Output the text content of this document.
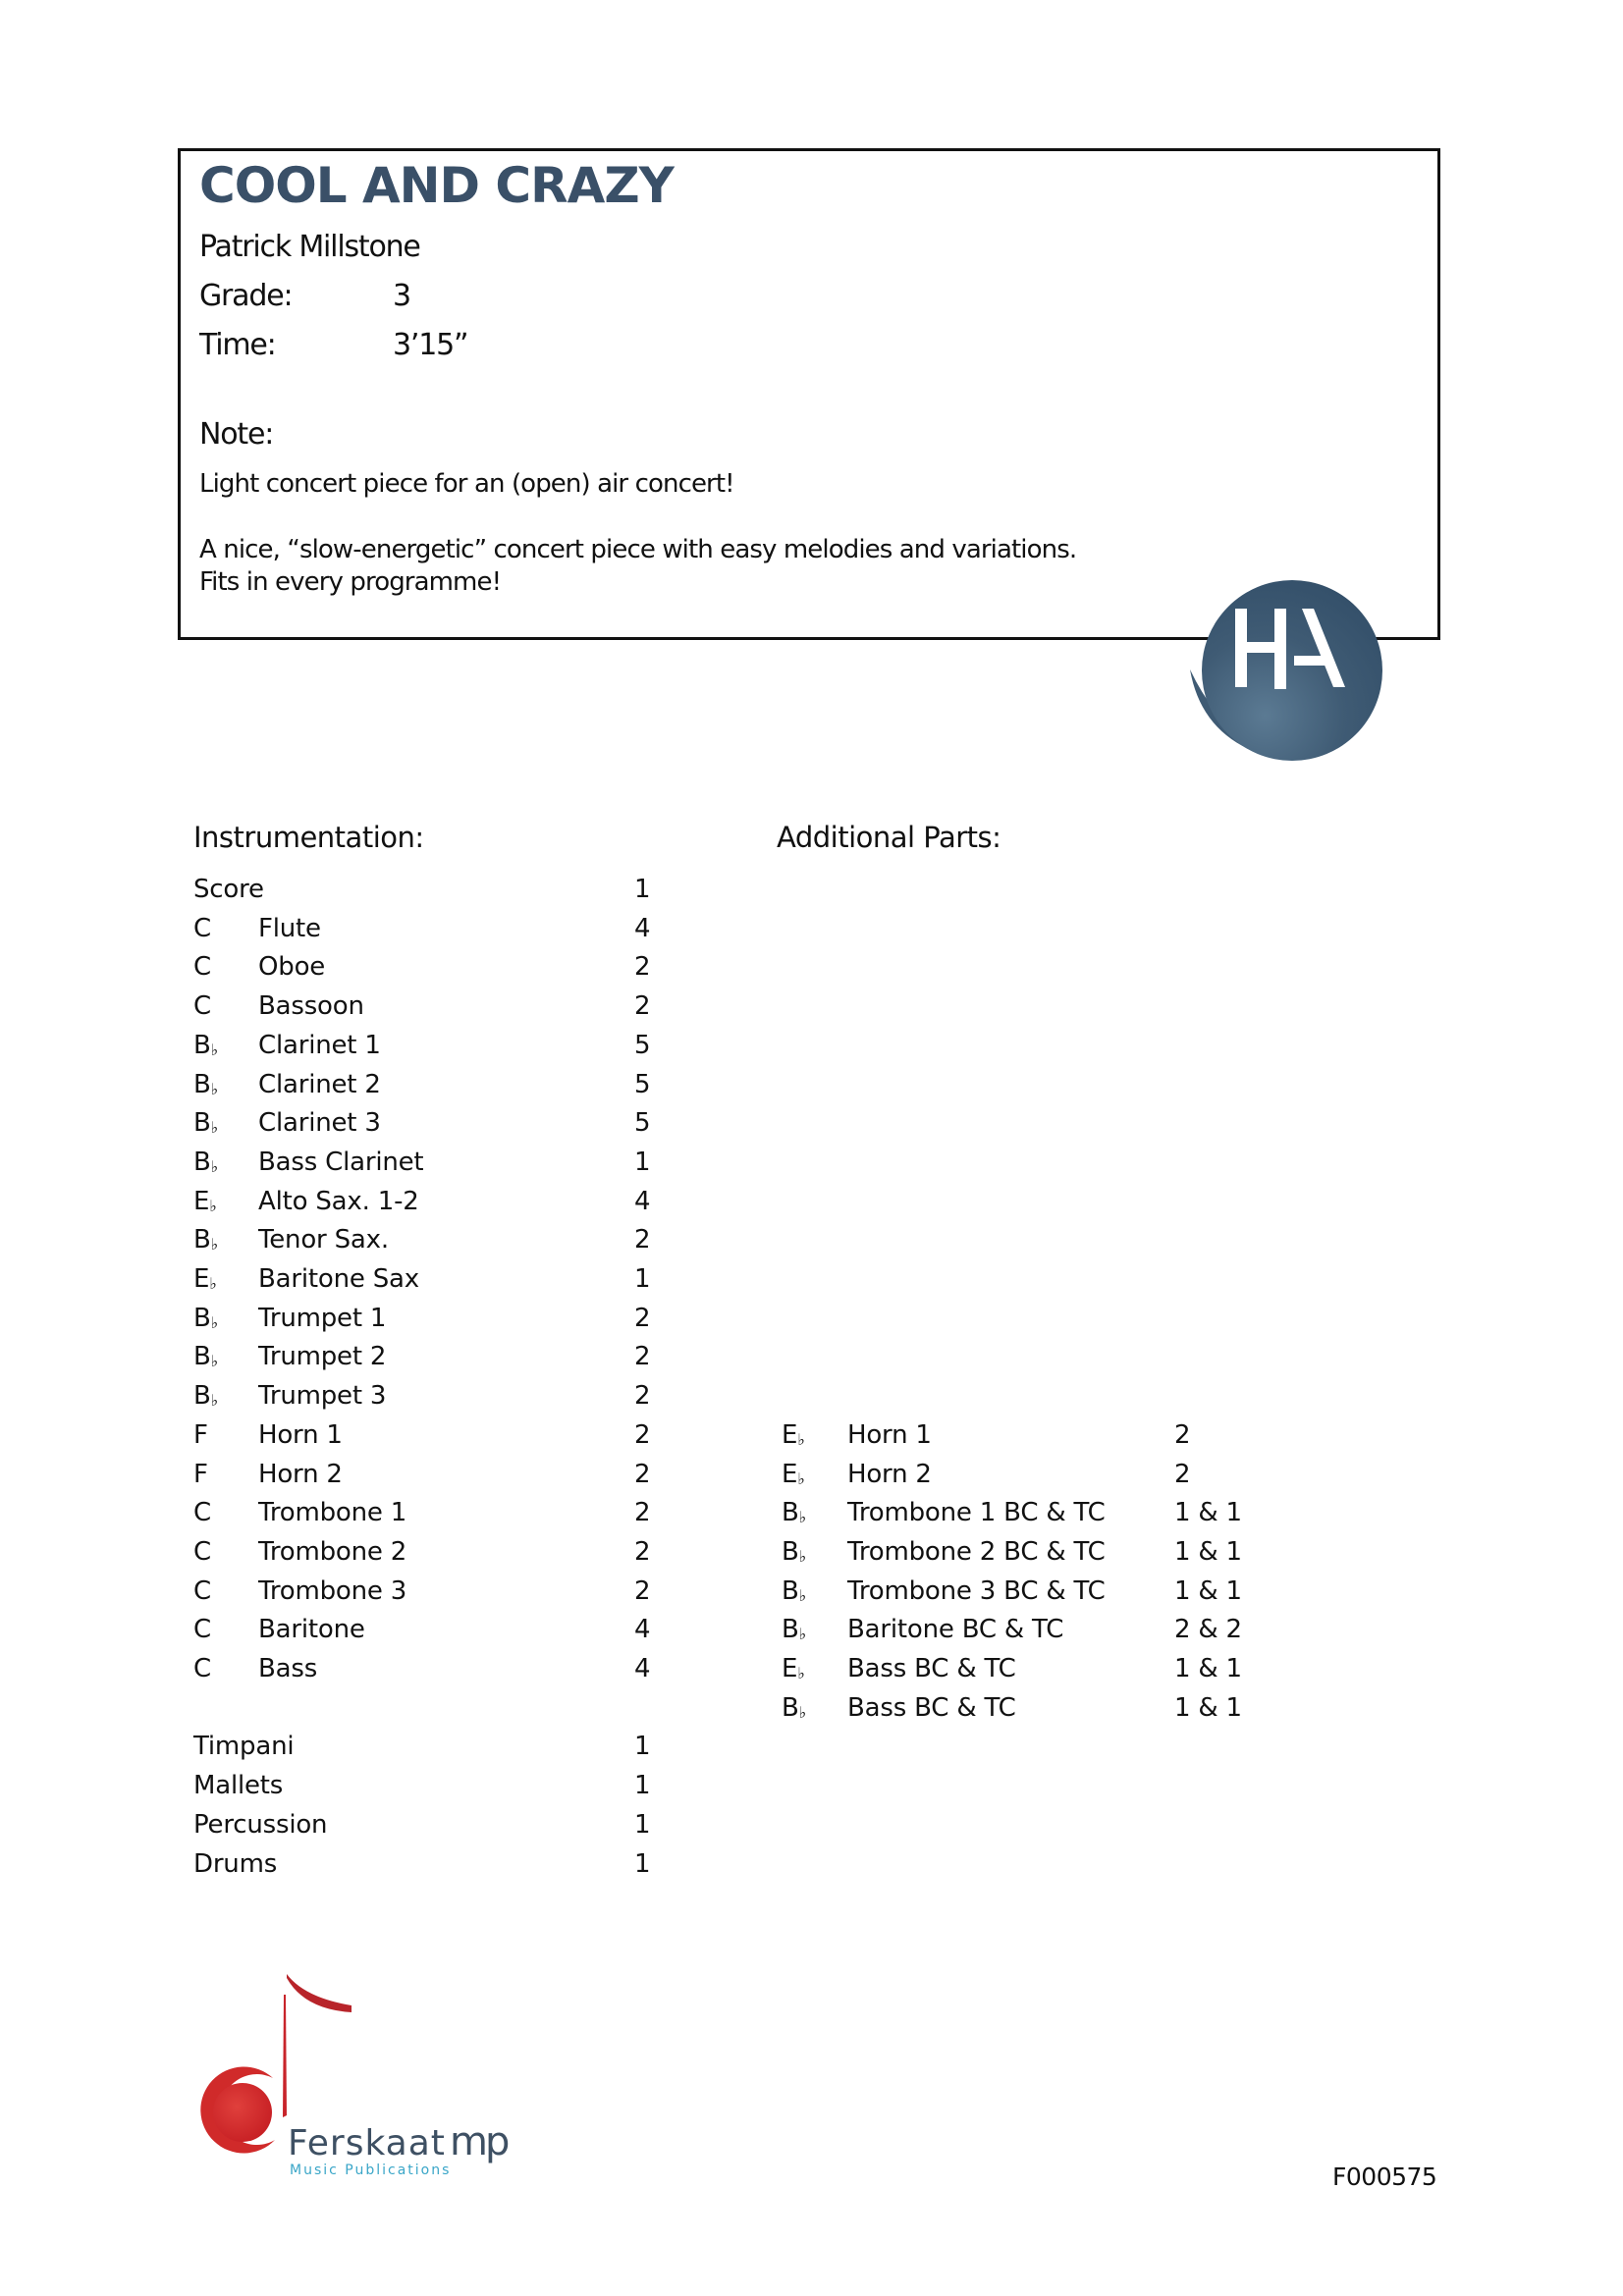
COOL AND CRAZY
Patrick Millstone
Grade:	3
Time:	3’15”
Note:
Light concert piece for an (open) air concert!
A nice, “slow-energetic” concert piece with easy melodies and variations.
Fits in every programme!
Instrumentation:
Score	1
C Flute	4
C Oboe	2
C Bassoon	2
B♭ Clarinet 1	5
B♭ Clarinet 2	5
B♭ Clarinet 3	5
B♭ Bass Clarinet	1
E♭ Alto Sax. 1-2	4
B♭ Tenor Sax.	2
E♭ Baritone Sax	1
B♭ Trumpet 1	2
B♭ Trumpet 2	2
B♭ Trumpet 3	2
F Horn 1	2
F Horn 2	2
C Trombone 1	2
C Trombone 2	2
C Trombone 3	2
C Baritone	4
C Bass	4
Timpani	1
Mallets	1
Percussion	1
Drums	1
Additional Parts:
E♭ Horn 1	2
E♭ Horn 2	2
B♭ Trombone 1 BC & TC	1 & 1
B♭ Trombone 2 BC & TC	1 & 1
B♭ Trombone 3 BC & TC	1 & 1
B♭ Baritone BC & TC	2 & 2
E♭ Bass BC & TC	1 & 1
B♭ Bass BC & TC	1 & 1
Ferskaat mp
Music Publications	F000575
